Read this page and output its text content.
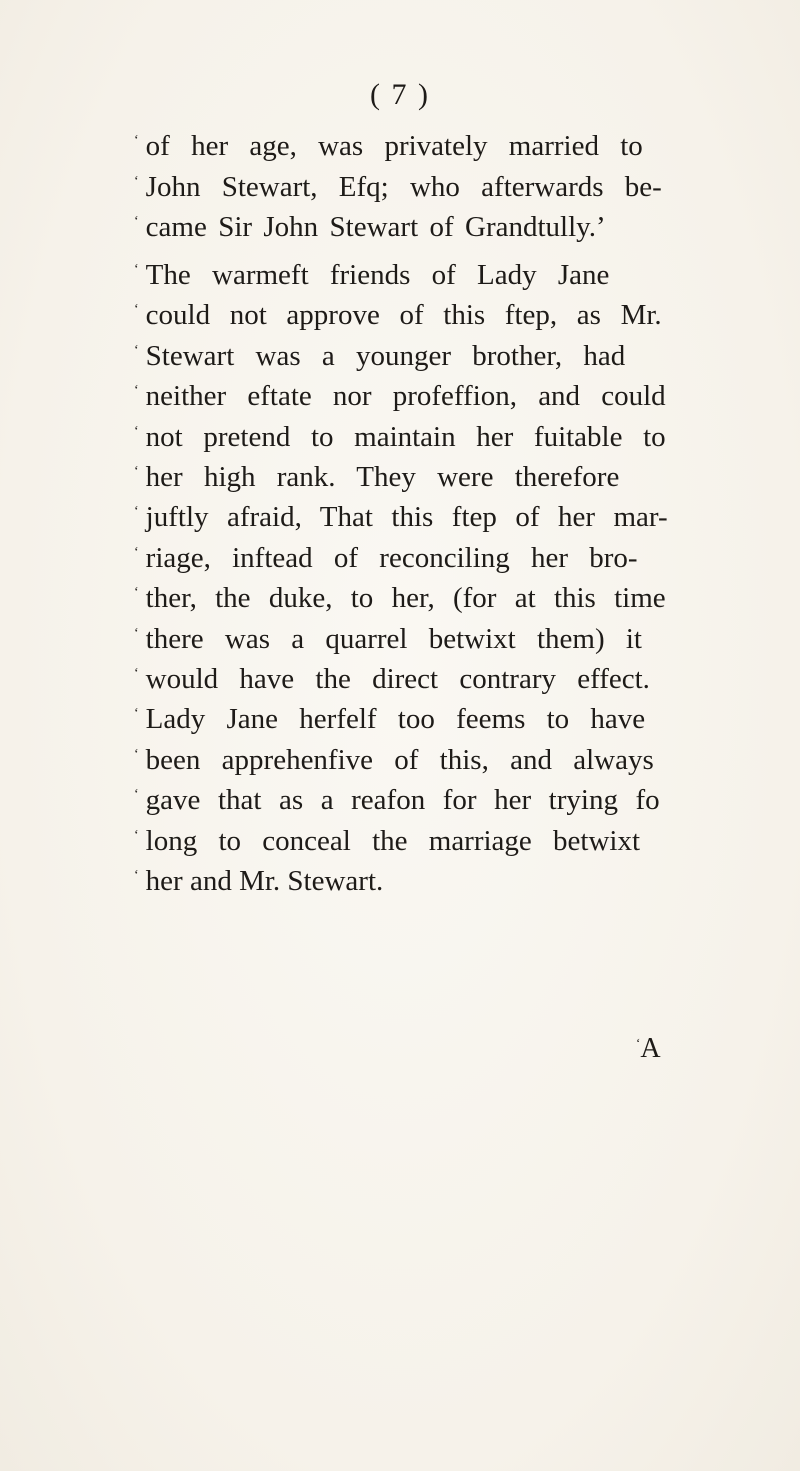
( 7 )
‘ of her age, was privately married to
‘ John Stewart, Efq; who afterwards be-
‘ came Sir John Stewart of Grandtully.’
‘ The warmeft friends of Lady Jane
‘ could not approve of this ftep, as Mr.
‘ Stewart was a younger brother, had
‘ neither eftate nor profeffion, and could
‘ not pretend to maintain her fuitable to
‘ her high rank. They were therefore
‘ juftly afraid, That this ftep of her mar-
‘ riage, inftead of reconciling her bro-
‘ ther, the duke, to her, (for at this time
‘ there was a quarrel betwixt them) it
‘ would have the direct contrary effect.
‘ Lady Jane herfelf too feems to have
‘ been apprehenfive of this, and always
‘ gave that as a reafon for her trying fo
‘ long to conceal the marriage betwixt
‘ her and Mr. Stewart.
‘A
